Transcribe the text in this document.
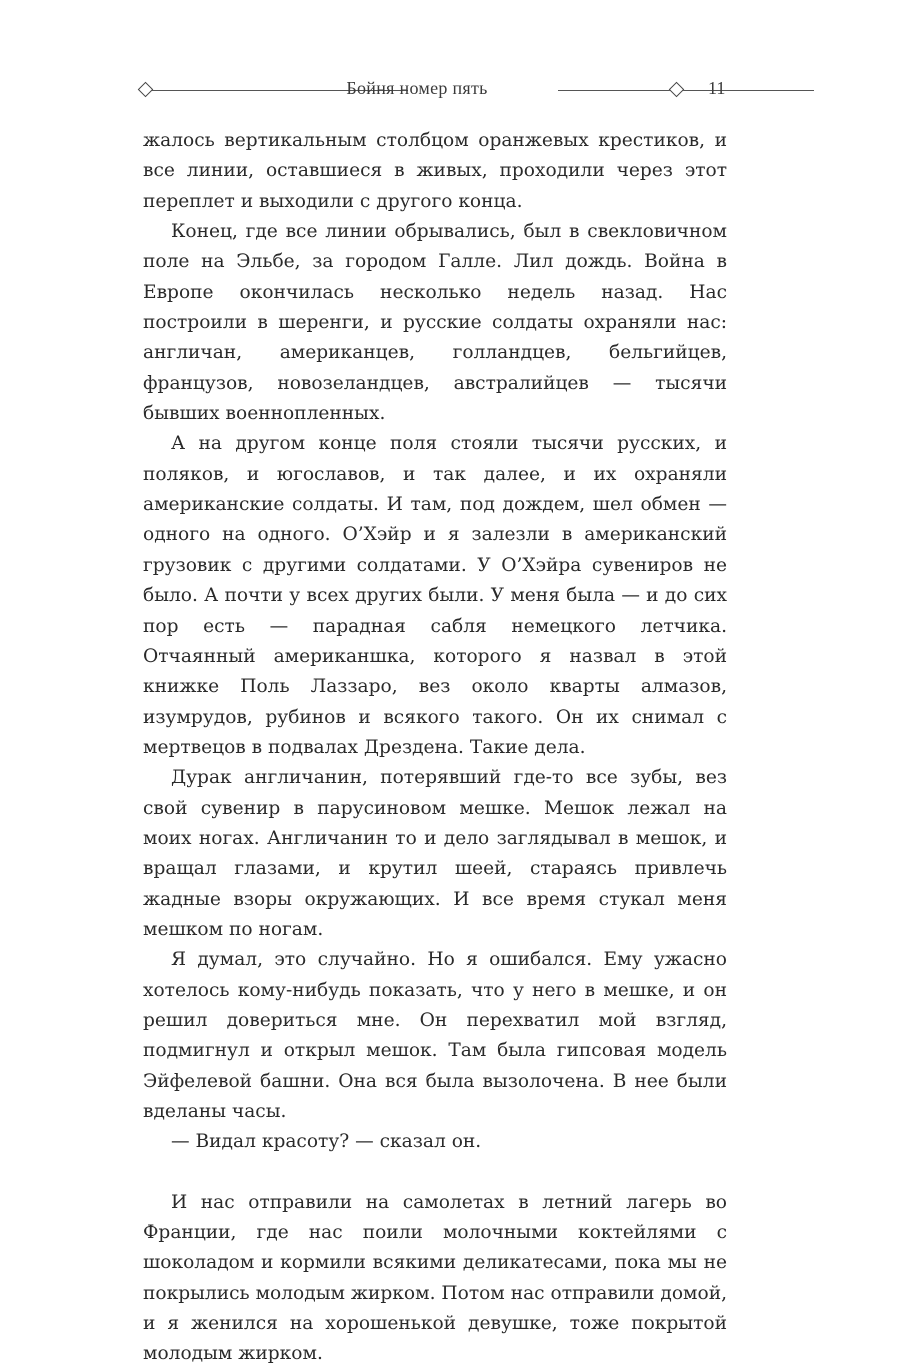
Бойня номер пять	11

жалось вертикальным столбцом оранжевых крестиков, и все линии, оставшиеся в живых, проходили через этот переплет и выходили с другого конца.

Конец, где все линии обрывались, был в свекловичном поле на Эльбе, за городом Галле. Лил дождь. Война в Европе окончилась несколько недель назад. Нас построили в шеренги, и русские солдаты охраняли нас: англичан, американцев, голландцев, бельгийцев, французов, новозеландцев, австралийцев — тысячи бывших военнопленных.

А на другом конце поля стояли тысячи русских, и поляков, и югославов, и так далее, и их охраняли американские солдаты. И там, под дождем, шел обмен — одного на одного. О’Хэйр и я залезли в американский грузовик с другими солдатами. У О’Хэйра сувениров не было. А почти у всех других были. У меня была — и до сих пор есть — парадная сабля немецкого летчика. Отчаянный американшка, которого я назвал в этой книжке Поль Лаззаро, вез около кварты алмазов, изумрудов, рубинов и всякого такого. Он их снимал с мертвецов в подвалах Дрездена. Такие дела.

Дурак англичанин, потерявший где-то все зубы, вез свой сувенир в парусиновом мешке. Мешок лежал на моих ногах. Англичанин то и дело заглядывал в мешок, и вращал глазами, и крутил шеей, стараясь привлечь жадные взоры окружающих. И все время стукал меня мешком по ногам.

Я думал, это случайно. Но я ошибался. Ему ужасно хотелось кому-нибудь показать, что у него в мешке, и он решил довериться мне. Он перехватил мой взгляд, подмигнул и открыл мешок. Там была гипсовая модель Эйфелевой башни. Она вся была вызолочена. В нее были вделаны часы.

— Видал красоту? — сказал он.

И нас отправили на самолетах в летний лагерь во Франции, где нас поили молочными коктейлями с шоколадом и кормили всякими деликатесами, пока мы не покрылись молодым жирком. Потом нас отправили домой, и я женился на хорошенькой девушке, тоже покрытой молодым жирком.
